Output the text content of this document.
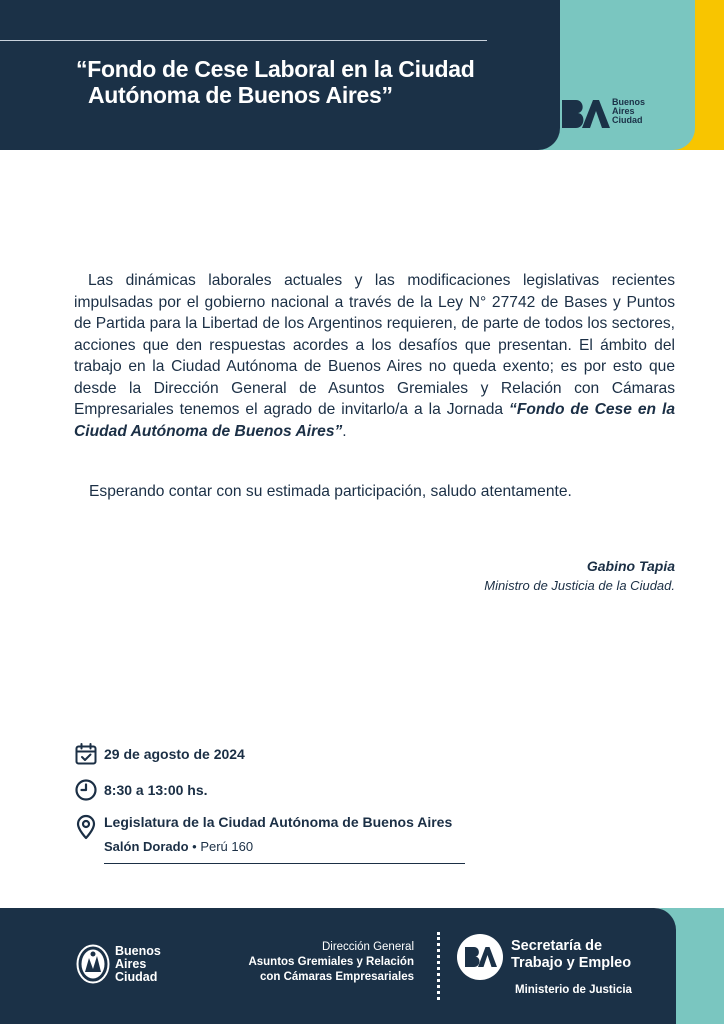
“Fondo de Cese Laboral en la Ciudad
Autónoma de Buenos Aires”	Buenos
Aires
Ciudad

Las dinámicas laborales actuales y las modificaciones legislativas recientes impulsadas por el gobierno nacional a través de la Ley N° 27742 de Bases y Puntos de Partida para la Libertad de los Argentinos requieren, de parte de todos los sectores, acciones que den respuestas acordes a los desafíos que presentan. El ámbito del trabajo en la Ciudad Autónoma de Buenos Aires no queda exento; es por esto que desde la Dirección General de Asuntos Gremiales y Relación con Cámaras Empresariales tenemos el agrado de invitarlo/a a la Jornada “Fondo de Cese en la Ciudad Autónoma de Buenos Aires”.

Esperando contar con su estimada participación, saludo atentamente.
Gabino Tapia
Ministro de Justicia de la Ciudad.
29 de agosto de 2024
8:30 a 13:00 hs.
Legislatura de la Ciudad Autónoma de Buenos Aires
Salón Dorado • Perú 160
Buenos
Aires
Ciudad
Dirección General
Asuntos Gremiales y Relación
con Cámaras Empresariales
Secretaría de
Trabajo y Empleo
Ministerio de Justicia
